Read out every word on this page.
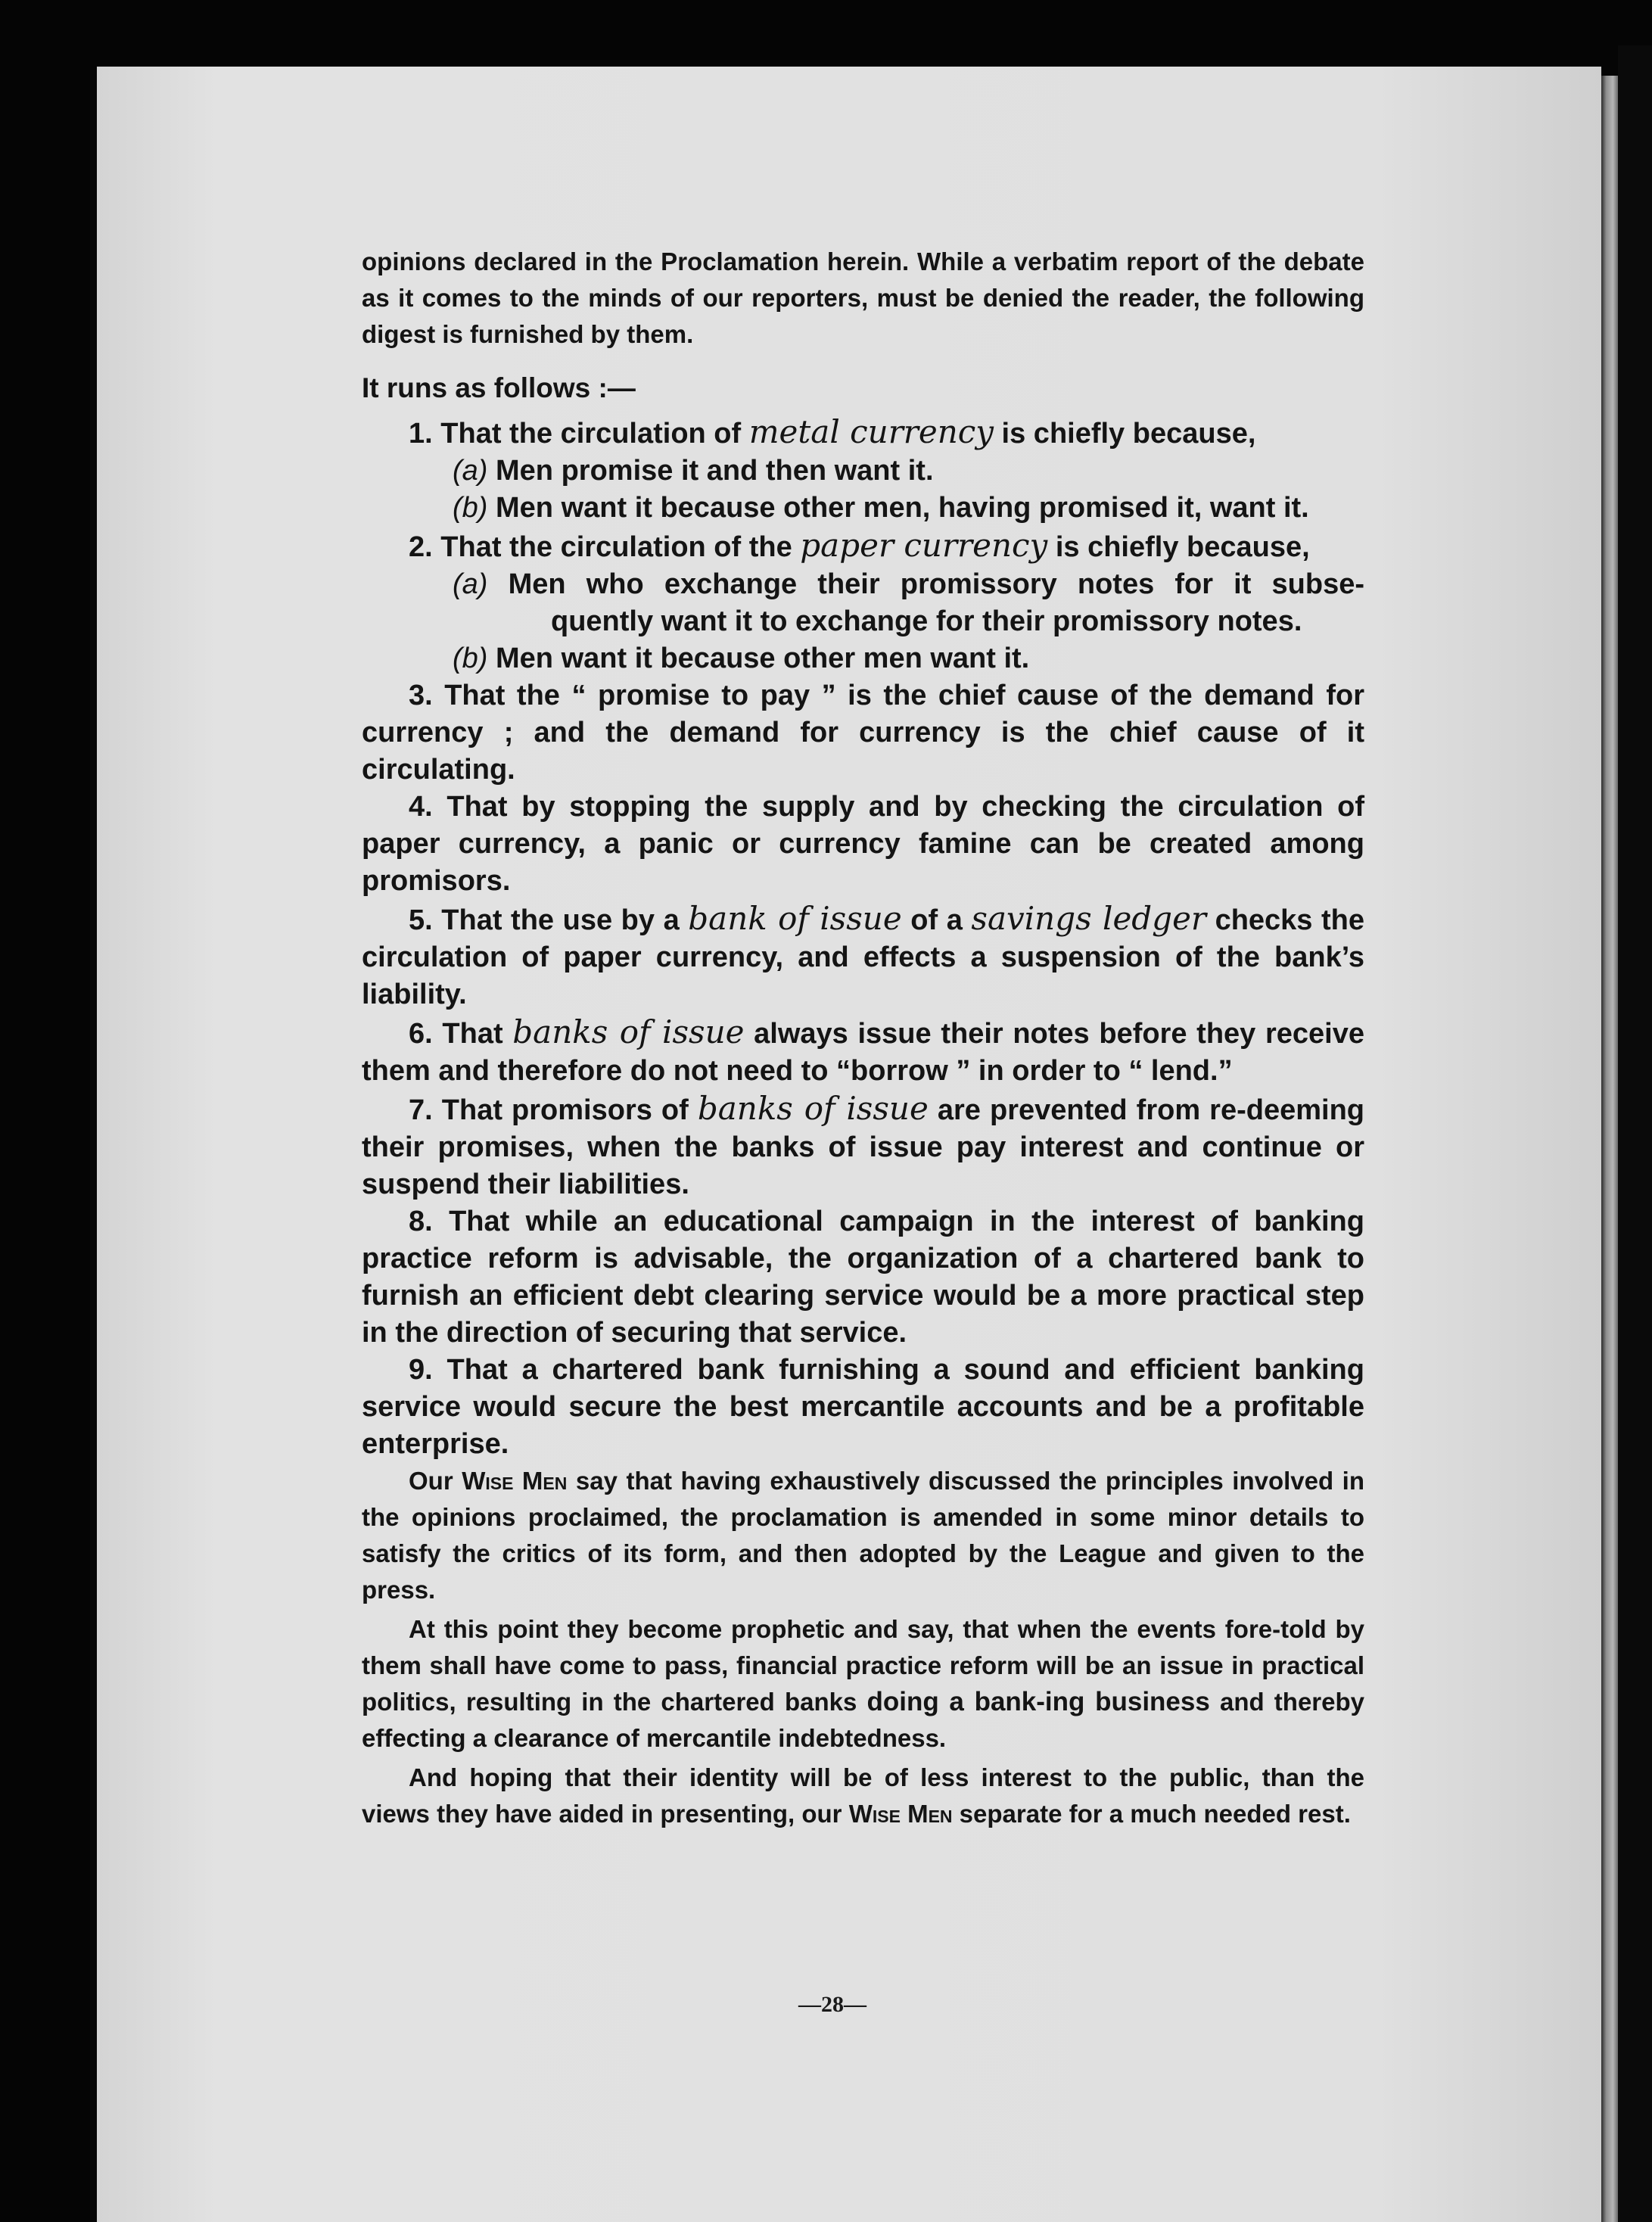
opinions declared in the Proclamation herein. While a verbatim report of the debate as it comes to the minds of our reporters, must be denied the reader, the following digest is furnished by them.

It runs as follows :—
1. That the circulation of metal currency is chiefly because,
(a) Men promise it and then want it.
(b) Men want it because other men, having promised it, want it.
2. That the circulation of the paper currency is chiefly because,
(a) Men who exchange their promissory notes for it subse-
quently want it to exchange for their promissory notes.
(b) Men want it because other men want it.
3. That the “ promise to pay ” is the chief cause of the demand for currency ; and the demand for currency is the chief cause of it circulating.
4. That by stopping the supply and by checking the circulation of paper currency, a panic or currency famine can be created among promisors.
5. That the use by a bank of issue of a savings ledger checks the circulation of paper currency, and effects a suspension of the bank’s liability.
6. That banks of issue always issue their notes before they receive them and therefore do not need to “borrow ” in order to “ lend.”
7. That promisors of banks of issue are prevented from re-deeming their promises, when the banks of issue pay interest and continue or suspend their liabilities.
8. That while an educational campaign in the interest of banking practice reform is advisable, the organization of a chartered bank to furnish an efficient debt clearing service would be a more practical step in the direction of securing that service.
9. That a chartered bank furnishing a sound and efficient banking service would secure the best mercantile accounts and be a profitable enterprise.

Our Wise Men say that having exhaustively discussed the principles involved in the opinions proclaimed, the proclamation is amended in some minor details to satisfy the critics of its form, and then adopted by the League and given to the press.

At this point they become prophetic and say, that when the events fore-told by them shall have come to pass, financial practice reform will be an issue in practical politics, resulting in the chartered banks doing a bank-ing business and thereby effecting a clearance of mercantile indebtedness.

And hoping that their identity will be of less interest to the public, than the views they have aided in presenting, our Wise Men separate for a much needed rest.

—28—
